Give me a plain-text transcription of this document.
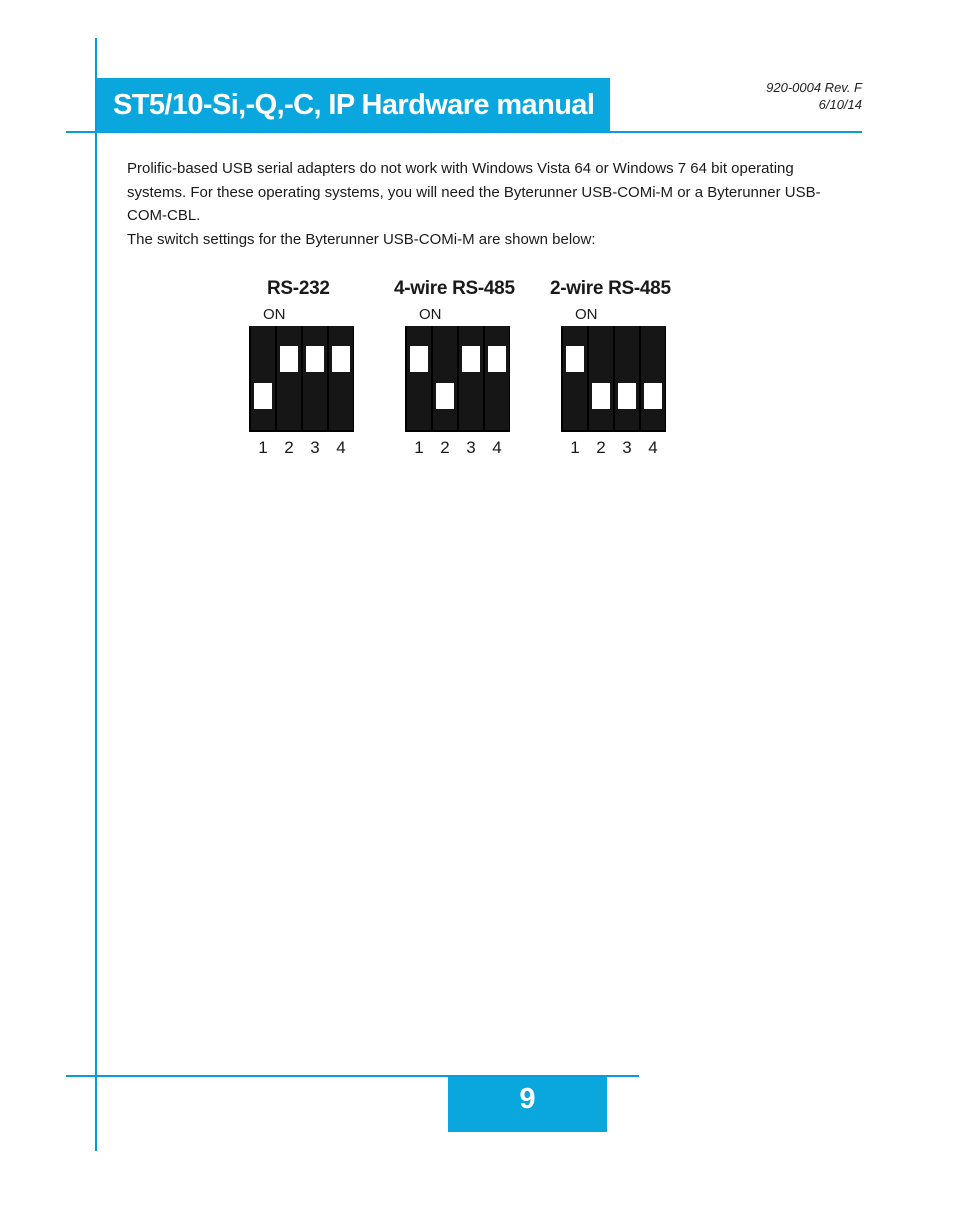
ST5/10-Si,-Q,-C, IP Hardware manual
920-0004 Rev. F
6/10/14

Prolific-based USB serial adapters do not work with Windows Vista 64 or Windows 7 64 bit operating systems. For these operating systems, you will need the Byterunner USB-COMi-M or a Byterunner USB-COM-CBL.

The switch settings for the Byterunner USB-COMi-M are shown below:

RS-232
ON
1 2 3 4
4-wire RS-485
ON
1 2 3 4
2-wire RS-485
ON
1 2 3 4
9
